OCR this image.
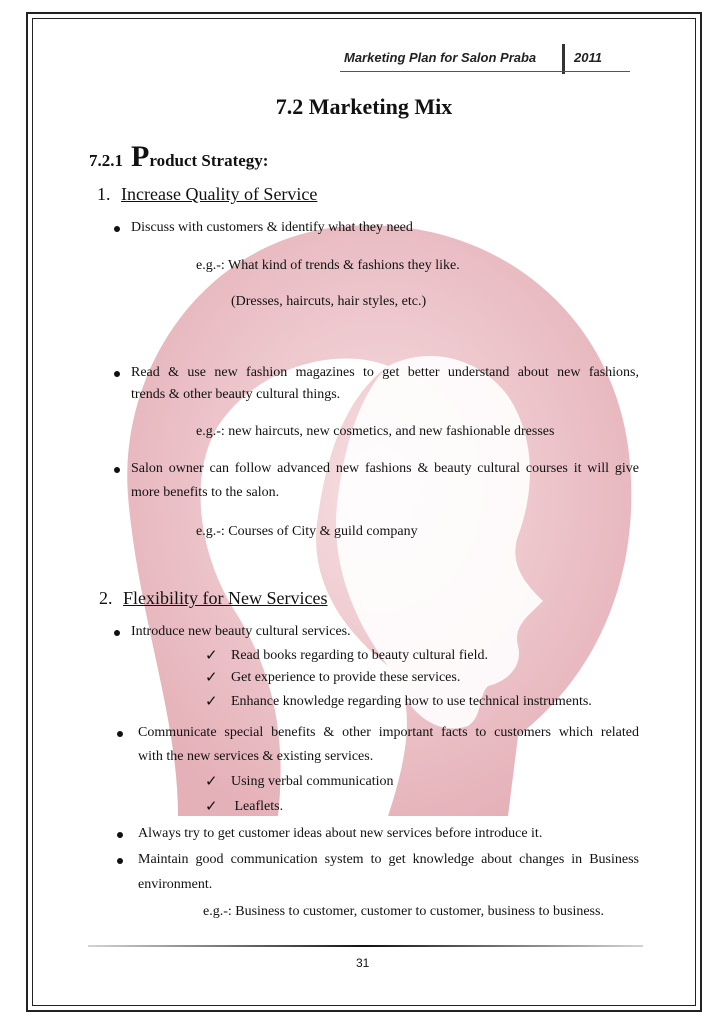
Marketing Plan for Salon Praba	2011
7.2 Marketing Mix
7.2.1 Product Strategy:
1. Increase Quality of Service
Discuss with customers & identify what they need
e.g.-: What kind of trends & fashions they like.
(Dresses, haircuts, hair styles, etc.)
Read & use new fashion magazines to get better understand about new fashions,
trends & other beauty cultural things.
e.g.-: new haircuts, new cosmetics, and new fashionable dresses
Salon owner can follow advanced new fashions & beauty cultural courses it will give
more benefits to the salon.
e.g.-: Courses of City & guild company
2. Flexibility for New Services
Introduce new beauty cultural services.
✓ Read books regarding to beauty cultural field.
✓ Get experience to provide these services.
✓ Enhance knowledge regarding how to use technical instruments.
Communicate special benefits & other important facts to customers which related
with the new services & existing services.
✓ Using verbal communication
✓ Leaflets.
Always try to get customer ideas about new services before introduce it.
Maintain good communication system to get knowledge about changes in Business
environment.
e.g.-: Business to customer, customer to customer, business to business.
31
